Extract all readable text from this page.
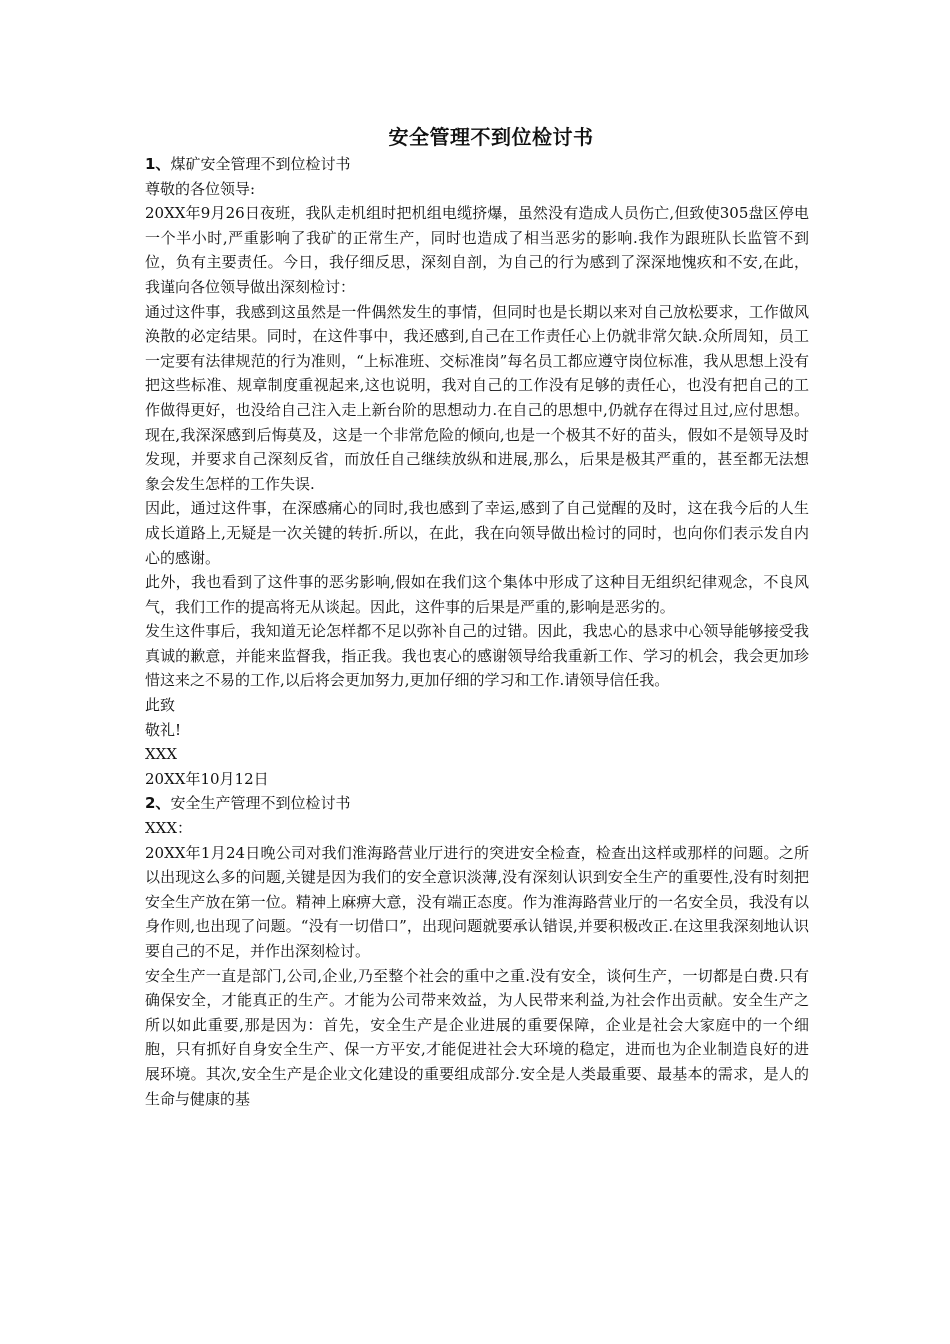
安全管理不到位检讨书
1、煤矿安全管理不到位检讨书

尊敬的各位领导:

20XX年9月26日夜班，我队走机组时把机组电缆挤爆，虽然没有造成人员伤亡,但致使305盘区停电一个半小时,严重影响了我矿的正常生产，同时也造成了相当恶劣的影响.我作为跟班队长监管不到位，负有主要责任。今日，我仔细反思，深刻自剖，为自己的行为感到了深深地愧疚和不安,在此，我谨向各位领导做出深刻检讨：

通过这件事，我感到这虽然是一件偶然发生的事情，但同时也是长期以来对自己放松要求，工作做风涣散的必定结果。同时，在这件事中，我还感到,自己在工作责任心上仍就非常欠缺.众所周知，员工一定要有法律规范的行为准则，“上标准班、交标准岗”每名员工都应遵守岗位标准，我从思想上没有把这些标准、规章制度重视起来,这也说明，我对自己的工作没有足够的责任心，也没有把自己的工作做得更好，也没给自己注入走上新台阶的思想动力.在自己的思想中,仍就存在得过且过,应付思想。现在,我深深感到后悔莫及，这是一个非常危险的倾向,也是一个极其不好的苗头，假如不是领导及时发现，并要求自己深刻反省，而放任自己继续放纵和进展,那么，后果是极其严重的，甚至都无法想象会发生怎样的工作失误.

因此，通过这件事，在深感痛心的同时,我也感到了幸运,感到了自己觉醒的及时，这在我今后的人生成长道路上,无疑是一次关键的转折.所以，在此，我在向领导做出检讨的同时，也向你们表示发自内心的感谢。

此外，我也看到了这件事的恶劣影响,假如在我们这个集体中形成了这种目无组织纪律观念，不良风气，我们工作的提高将无从谈起。因此，这件事的后果是严重的,影响是恶劣的。

发生这件事后，我知道无论怎样都不足以弥补自己的过错。因此，我忠心的恳求中心领导能够接受我真诚的歉意，并能来监督我，指正我。我也衷心的感谢领导给我重新工作、学习的机会，我会更加珍惜这来之不易的工作,以后将会更加努力,更加仔细的学习和工作.请领导信任我。

此致

敬礼!

XXX

20XX年10月12日

2、安全生产管理不到位检讨书

XXX：

20XX年1月24日晚公司对我们淮海路营业厅进行的突进安全检查，检查出这样或那样的问题。之所以出现这么多的问题,关键是因为我们的安全意识淡薄,没有深刻认识到安全生产的重要性,没有时刻把安全生产放在第一位。精神上麻痹大意，没有端正态度。作为淮海路营业厅的一名安全员，我没有以身作则,也出现了问题。“没有一切借口”，出现问题就要承认错误,并要积极改正.在这里我深刻地认识要自己的不足，并作出深刻检讨。

安全生产一直是部门,公司,企业,乃至整个社会的重中之重.没有安全，谈何生产，一切都是白费.只有确保安全，才能真正的生产。才能为公司带来效益，为人民带来利益,为社会作出贡献。安全生产之所以如此重要,那是因为：首先，安全生产是企业进展的重要保障，企业是社会大家庭中的一个细胞，只有抓好自身安全生产、保一方平安,才能促进社会大环境的稳定，进而也为企业制造良好的进展环境。其次,安全生产是企业文化建设的重要组成部分.安全是人类最重要、最基本的需求，是人的生命与健康的基
